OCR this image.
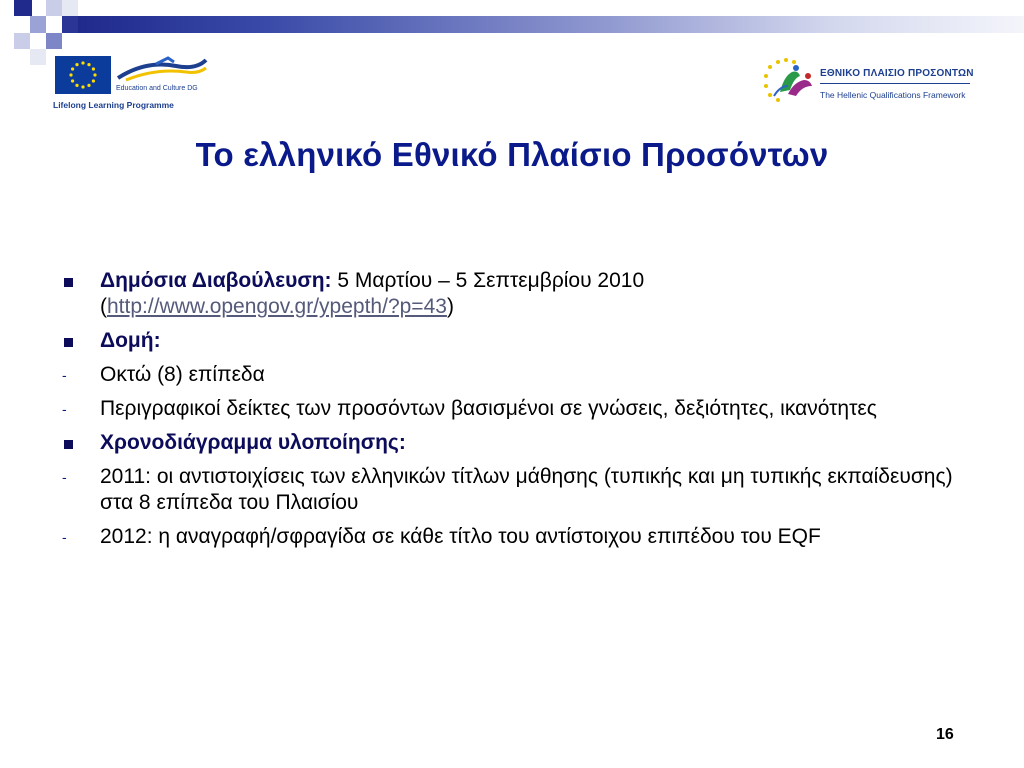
Education and Culture DG
Lifelong Learning Programme
ΕΘΝΙΚΟ ΠΛΑΙΣΙΟ ΠΡΟΣΟΝΤΩΝ
The Hellenic Qualifications Framework
Το ελληνικό Εθνικό Πλαίσιο Προσόντων
Δημόσια Διαβούλευση: 5 Μαρτίου – 5 Σεπτεμβρίου 2010
(http://www.opengov.gr/ypepth/?p=43)
Δομή:
- Οκτώ (8) επίπεδα
- Περιγραφικοί δείκτες των προσόντων βασισμένοι σε γνώσεις, δεξιότητες, ικανότητες
Χρονοδιάγραμμα υλοποίησης:
- 2011: οι αντιστοιχίσεις των ελληνικών τίτλων μάθησης (τυπικής και μη τυπικής εκπαίδευσης) στα 8 επίπεδα του Πλαισίου
- 2012: η αναγραφή/σφραγίδα σε κάθε τίτλο του αντίστοιχου επιπέδου του EQF
16
